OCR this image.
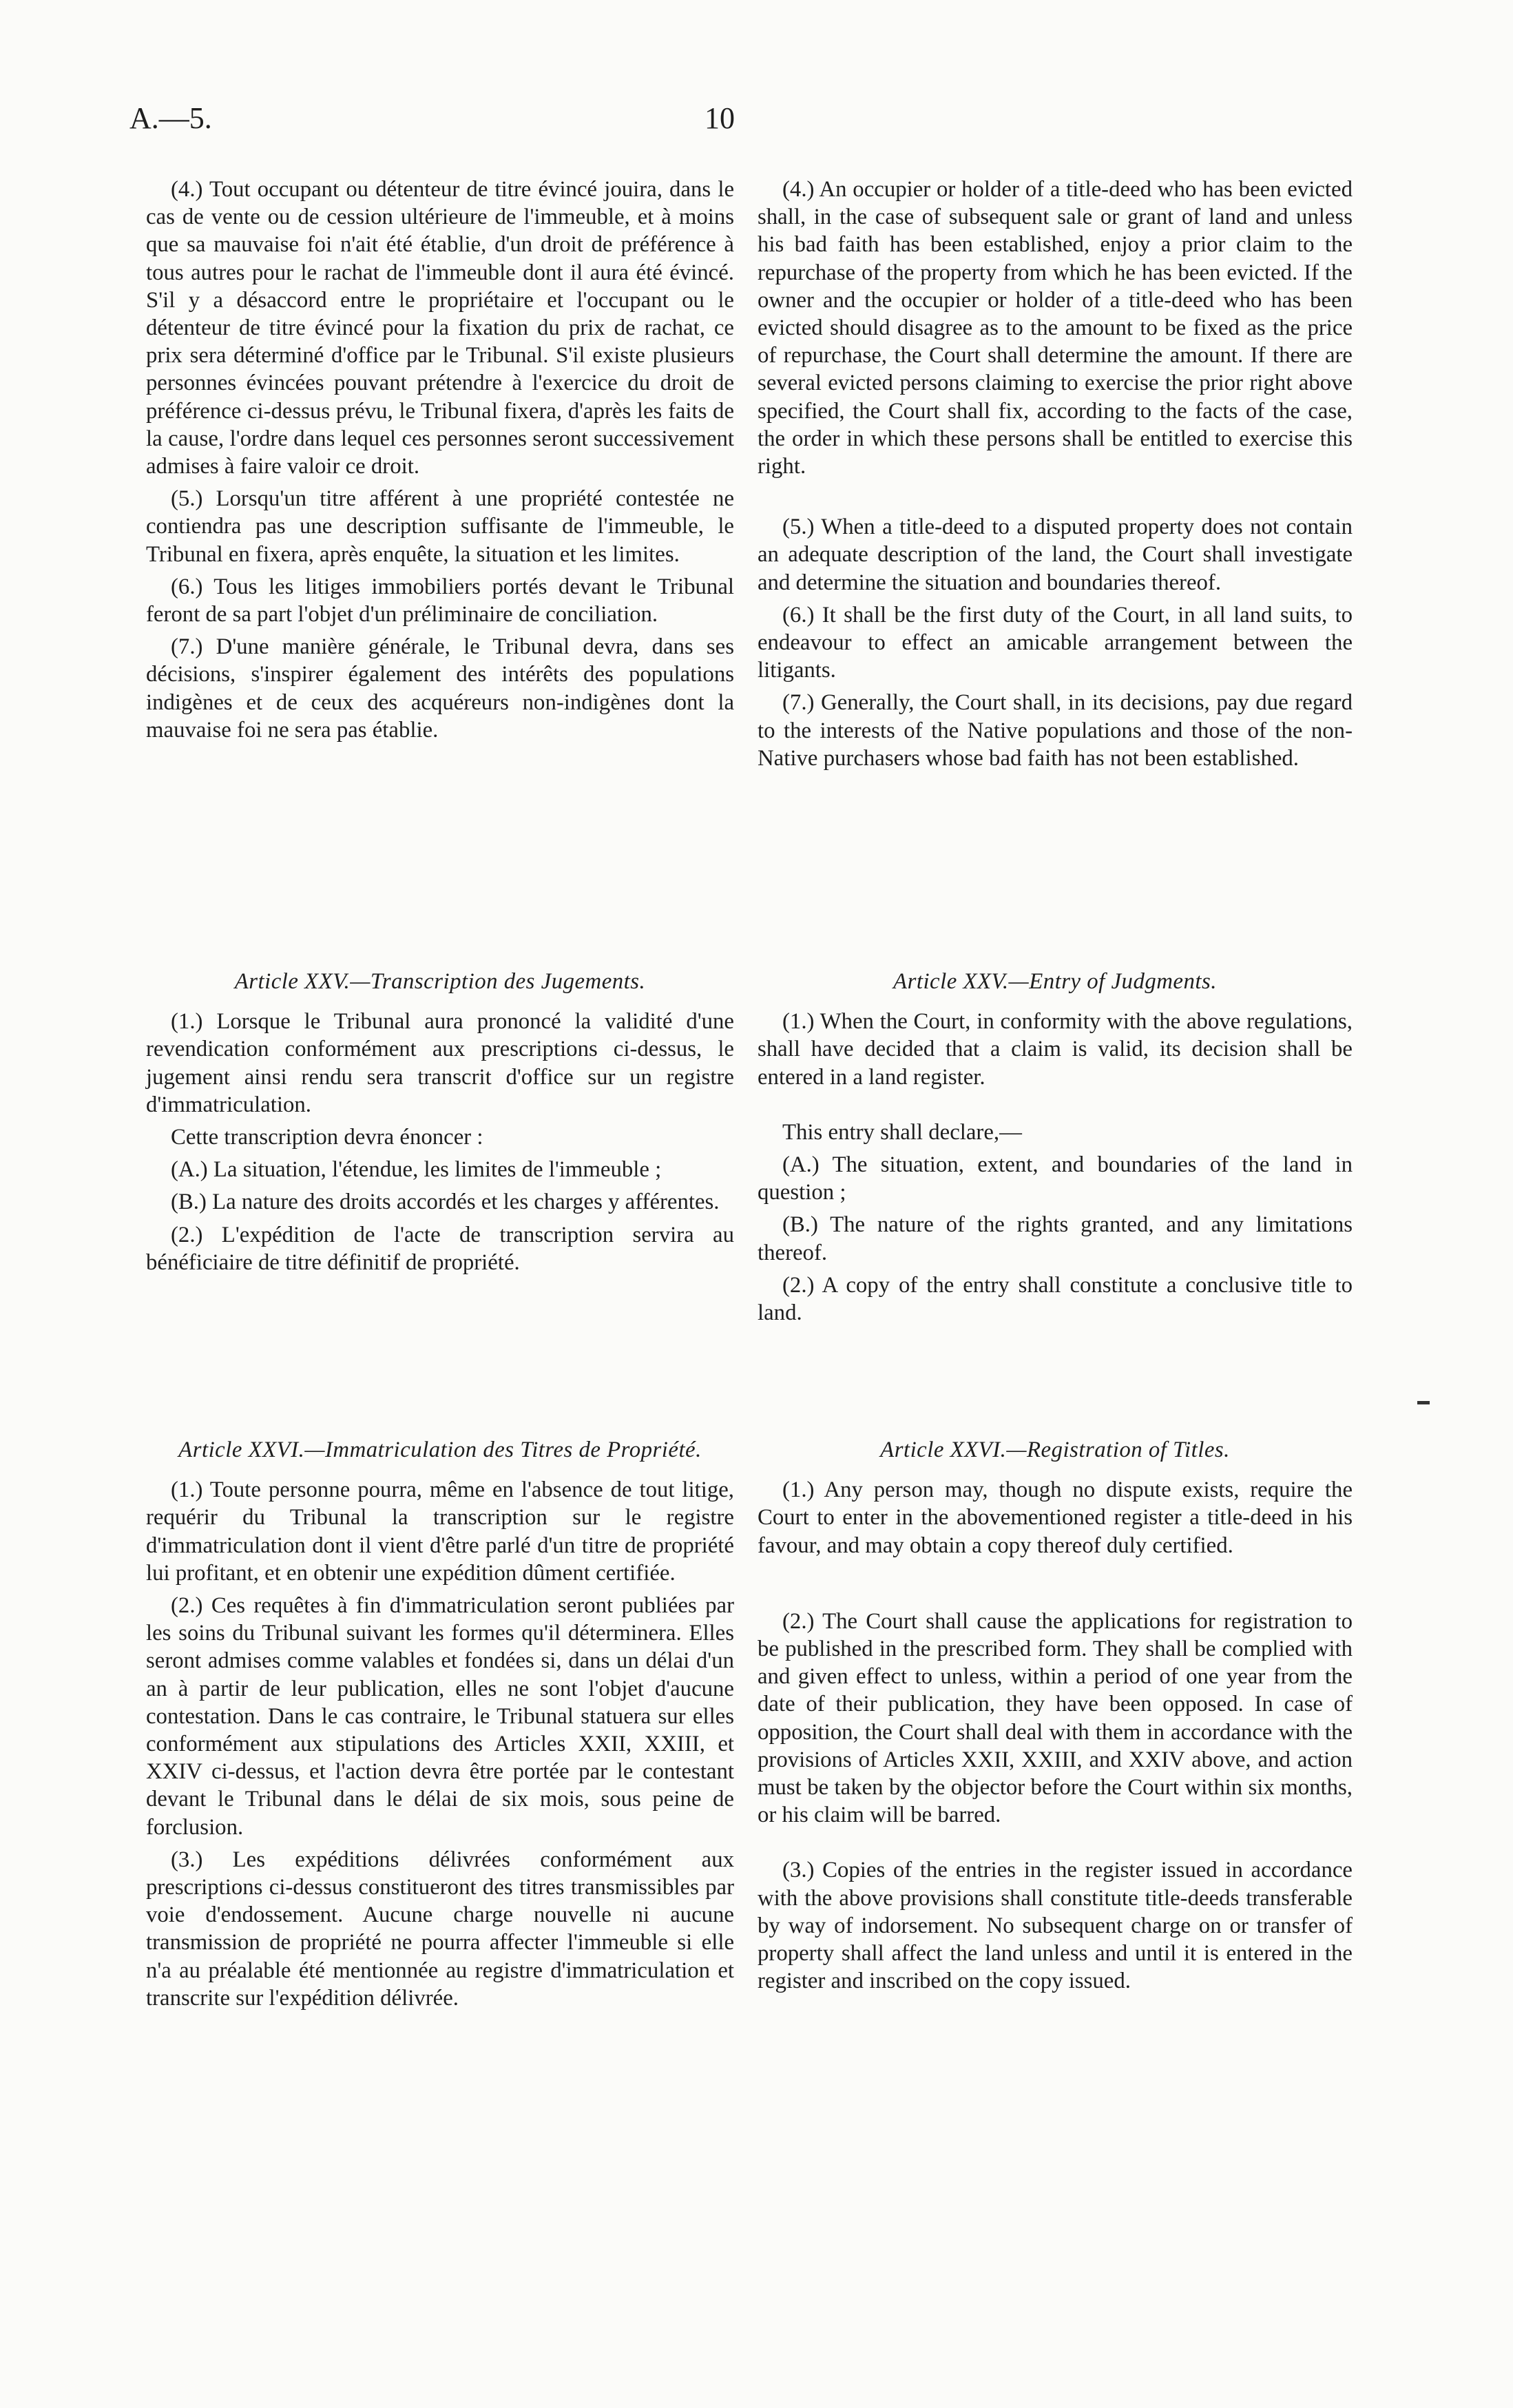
A.—5.	10

(4.) Tout occupant ou détenteur de titre évincé jouira, dans le cas de vente ou de cession ultérieure de l'immeuble, et à moins que sa mauvaise foi n'ait été établie, d'un droit de préférence à tous autres pour le rachat de l'immeuble dont il aura été évincé. S'il y a désaccord entre le propriétaire et l'occupant ou le détenteur de titre évincé pour la fixation du prix de rachat, ce prix sera déterminé d'office par le Tribunal. S'il existe plusieurs personnes évincées pouvant prétendre à l'exercice du droit de préférence ci-dessus prévu, le Tribunal fixera, d'après les faits de la cause, l'ordre dans lequel ces personnes seront successivement admises à faire valoir ce droit.

(5.) Lorsqu'un titre afférent à une propriété contestée ne contiendra pas une description suffisante de l'immeuble, le Tribunal en fixera, après enquête, la situation et les limites.

(6.) Tous les litiges immobiliers portés devant le Tribunal feront de sa part l'objet d'un préliminaire de conciliation.

(7.) D'une manière générale, le Tribunal devra, dans ses décisions, s'inspirer également des intérêts des populations indigènes et de ceux des acquéreurs non-indigènes dont la mauvaise foi ne sera pas établie.

Article XXV.—Transcription des Jugements.

(1.) Lorsque le Tribunal aura prononcé la validité d'une revendication conformément aux prescriptions ci-dessus, le jugement ainsi rendu sera transcrit d'office sur un registre d'immatriculation.

Cette transcription devra énoncer :

(A.) La situation, l'étendue, les limites de l'immeuble ;

(B.) La nature des droits accordés et les charges y afférentes.

(2.) L'expédition de l'acte de transcription servira au bénéficiaire de titre définitif de propriété.

Article XXVI.—Immatriculation des Titres de Propriété.

(1.) Toute personne pourra, même en l'absence de tout litige, requérir du Tribunal la transcription sur le registre d'immatriculation dont il vient d'être parlé d'un titre de propriété lui profitant, et en obtenir une expédition dûment certifiée.

(2.) Ces requêtes à fin d'immatriculation seront publiées par les soins du Tribunal suivant les formes qu'il déterminera. Elles seront admises comme valables et fondées si, dans un délai d'un an à partir de leur publication, elles ne sont l'objet d'aucune contestation. Dans le cas contraire, le Tribunal statuera sur elles conformément aux stipulations des Articles XXII, XXIII, et XXIV ci-dessus, et l'action devra être portée par le contestant devant le Tribunal dans le délai de six mois, sous peine de forclusion.

(3.) Les expéditions délivrées conformément aux prescriptions ci-dessus constitueront des titres transmissibles par voie d'endossement. Aucune charge nouvelle ni aucune transmission de propriété ne pourra affecter l'immeuble si elle n'a au préalable été mentionnée au registre d'immatriculation et transcrite sur l'expédition délivrée.

(4.) An occupier or holder of a title-deed who has been evicted shall, in the case of subsequent sale or grant of land and unless his bad faith has been established, enjoy a prior claim to the repurchase of the property from which he has been evicted. If the owner and the occupier or holder of a title-deed who has been evicted should disagree as to the amount to be fixed as the price of repurchase, the Court shall determine the amount. If there are several evicted persons claiming to exercise the prior right above specified, the Court shall fix, according to the facts of the case, the order in which these persons shall be entitled to exercise this right.

(5.) When a title-deed to a disputed property does not contain an adequate description of the land, the Court shall investigate and determine the situation and boundaries thereof.

(6.) It shall be the first duty of the Court, in all land suits, to endeavour to effect an amicable arrangement between the litigants.

(7.) Generally, the Court shall, in its decisions, pay due regard to the interests of the Native populations and those of the non-Native purchasers whose bad faith has not been established.

Article XXV.—Entry of Judgments.

(1.) When the Court, in conformity with the above regulations, shall have decided that a claim is valid, its decision shall be entered in a land register.

This entry shall declare,—

(A.) The situation, extent, and boundaries of the land in question ;

(B.) The nature of the rights granted, and any limitations thereof.

(2.) A copy of the entry shall constitute a conclusive title to land.

Article XXVI.—Registration of Titles.

(1.) Any person may, though no dispute exists, require the Court to enter in the abovementioned register a title-deed in his favour, and may obtain a copy thereof duly certified.

(2.) The Court shall cause the applications for registration to be published in the prescribed form. They shall be complied with and given effect to unless, within a period of one year from the date of their publication, they have been opposed. In case of opposition, the Court shall deal with them in accordance with the provisions of Articles XXII, XXIII, and XXIV above, and action must be taken by the objector before the Court within six months, or his claim will be barred.

(3.) Copies of the entries in the register issued in accordance with the above provisions shall constitute title-deeds transferable by way of indorsement. No subsequent charge on or transfer of property shall affect the land unless and until it is entered in the register and inscribed on the copy issued.
